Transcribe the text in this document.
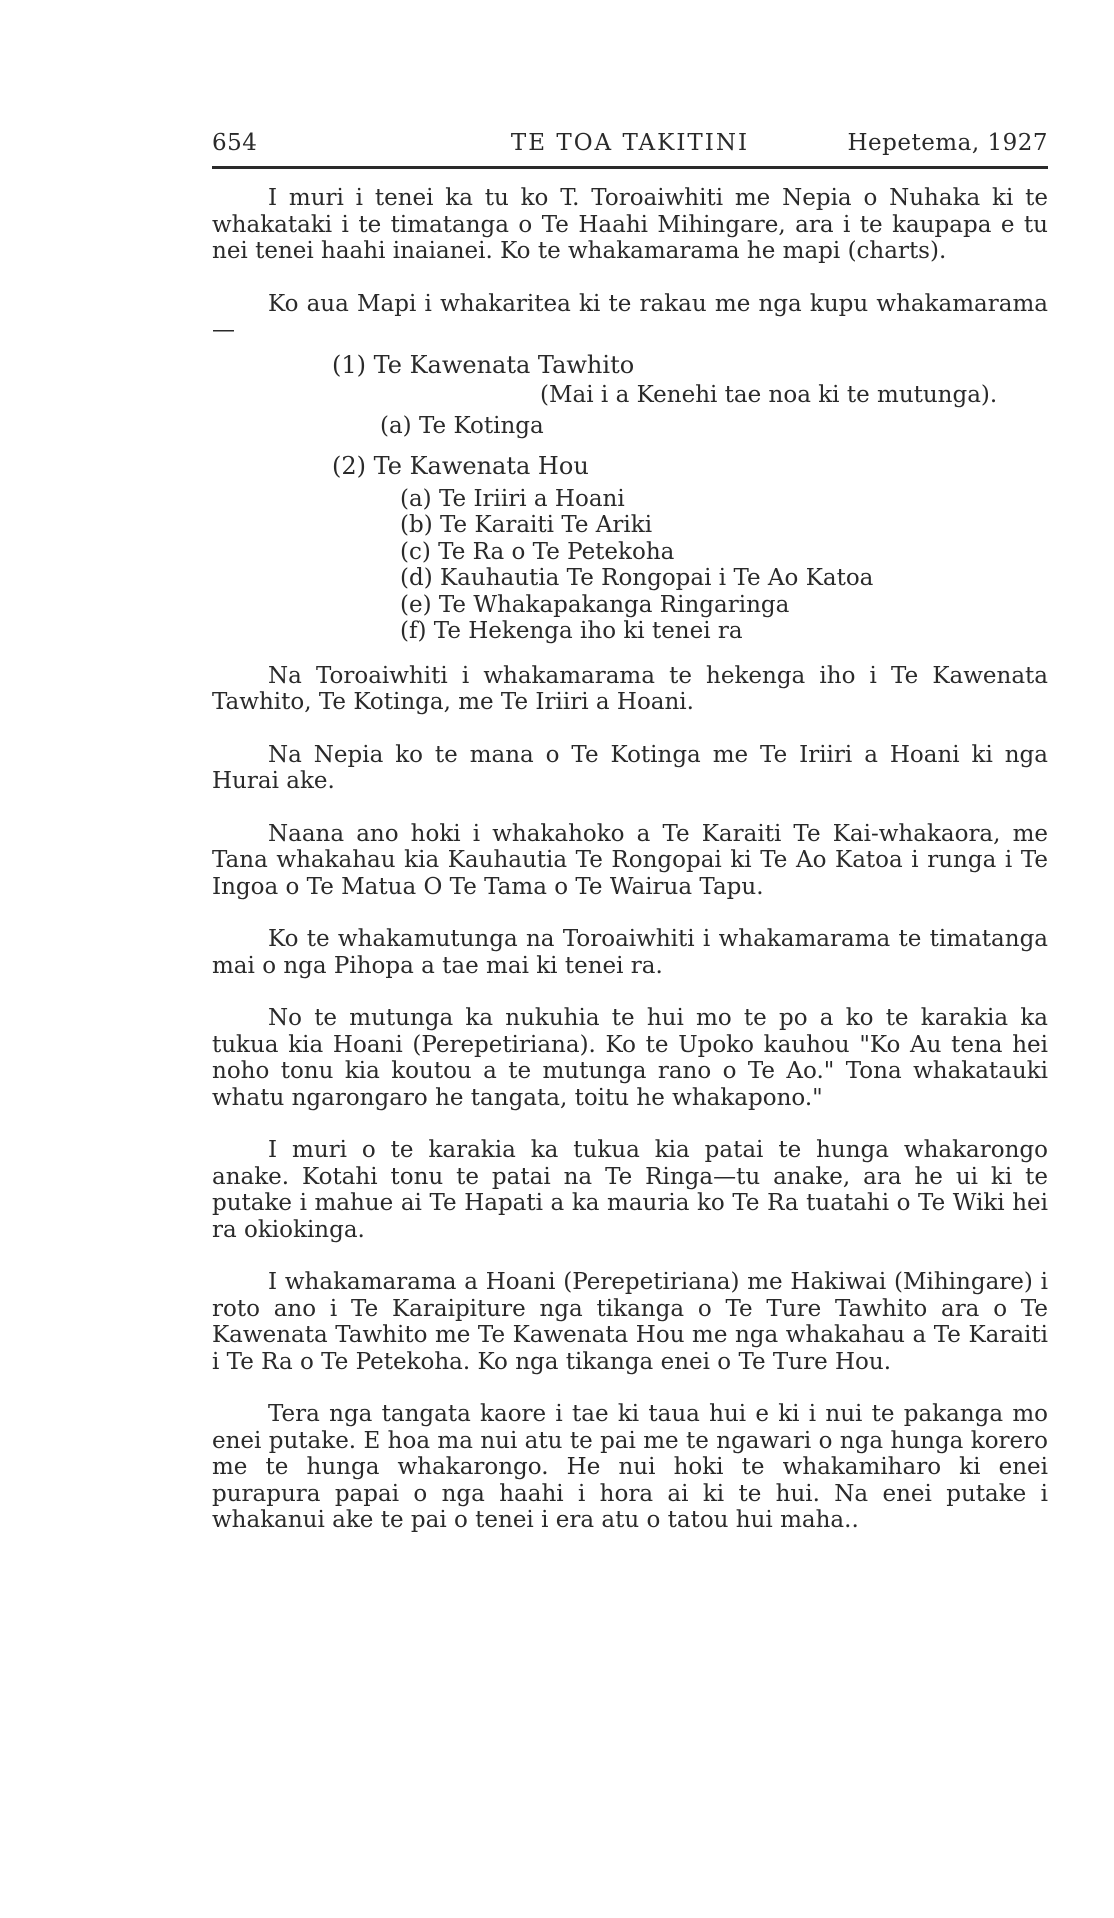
654	TE TOA TAKITINI	Hepetema, 1927

I muri i tenei ka tu ko T. Toroaiwhiti me Nepia o Nuhaka ki te whakataki i te timatanga o Te Haahi Mihingare, ara i te kaupapa e tu nei tenei haahi inaianei. Ko te whakamarama he mapi (charts).

Ko aua Mapi i whakaritea ki te rakau me nga kupu whakamarama—

(1) Te Kawenata Tawhito
(Mai i a Kenehi tae noa ki te mutunga).
(a) Te Kotinga
(2) Te Kawenata Hou
(a) Te Iriiri a Hoani
(b) Te Karaiti Te Ariki
(c) Te Ra o Te Petekoha
(d) Kauhautia Te Rongopai i Te Ao Katoa
(e) Te Whakapakanga Ringaringa
(f) Te Hekenga iho ki tenei ra

Na Toroaiwhiti i whakamarama te hekenga iho i Te Kawenata Tawhito, Te Kotinga, me Te Iriiri a Hoani.

Na Nepia ko te mana o Te Kotinga me Te Iriiri a Hoani ki nga Hurai ake.

Naana ano hoki i whakahoko a Te Karaiti Te Kai-whakaora, me Tana whakahau kia Kauhautia Te Rongopai ki Te Ao Katoa i runga i Te Ingoa o Te Matua O Te Tama o Te Wairua Tapu.

Ko te whakamutunga na Toroaiwhiti i whakamarama te timatanga mai o nga Pihopa a tae mai ki tenei ra.

No te mutunga ka nukuhia te hui mo te po a ko te karakia ka tukua kia Hoani (Perepetiriana). Ko te Upoko kauhou "Ko Au tena hei noho tonu kia koutou a te mutunga rano o Te Ao." Tona whakatauki whatu ngarongaro he tangata, toitu he whakapono."

I muri o te karakia ka tukua kia patai te hunga whakarongo anake. Kotahi tonu te patai na Te Ringa—tu anake, ara he ui ki te putake i mahue ai Te Hapati a ka mauria ko Te Ra tuatahi o Te Wiki hei ra okiokinga.

I whakamarama a Hoani (Perepetiriana) me Hakiwai (Mihingare) i roto ano i Te Karaipiture nga tikanga o Te Ture Tawhito ara o Te Kawenata Tawhito me Te Kawenata Hou me nga whakahau a Te Karaiti i Te Ra o Te Petekoha. Ko nga tikanga enei o Te Ture Hou.

Tera nga tangata kaore i tae ki taua hui e ki i nui te pakanga mo enei putake. E hoa ma nui atu te pai me te ngawari o nga hunga korero me te hunga whakarongo. He nui hoki te whakamiharo ki enei purapura papai o nga haahi i hora ai ki te hui. Na enei putake i whakanui ake te pai o tenei i era atu o tatou hui maha..
